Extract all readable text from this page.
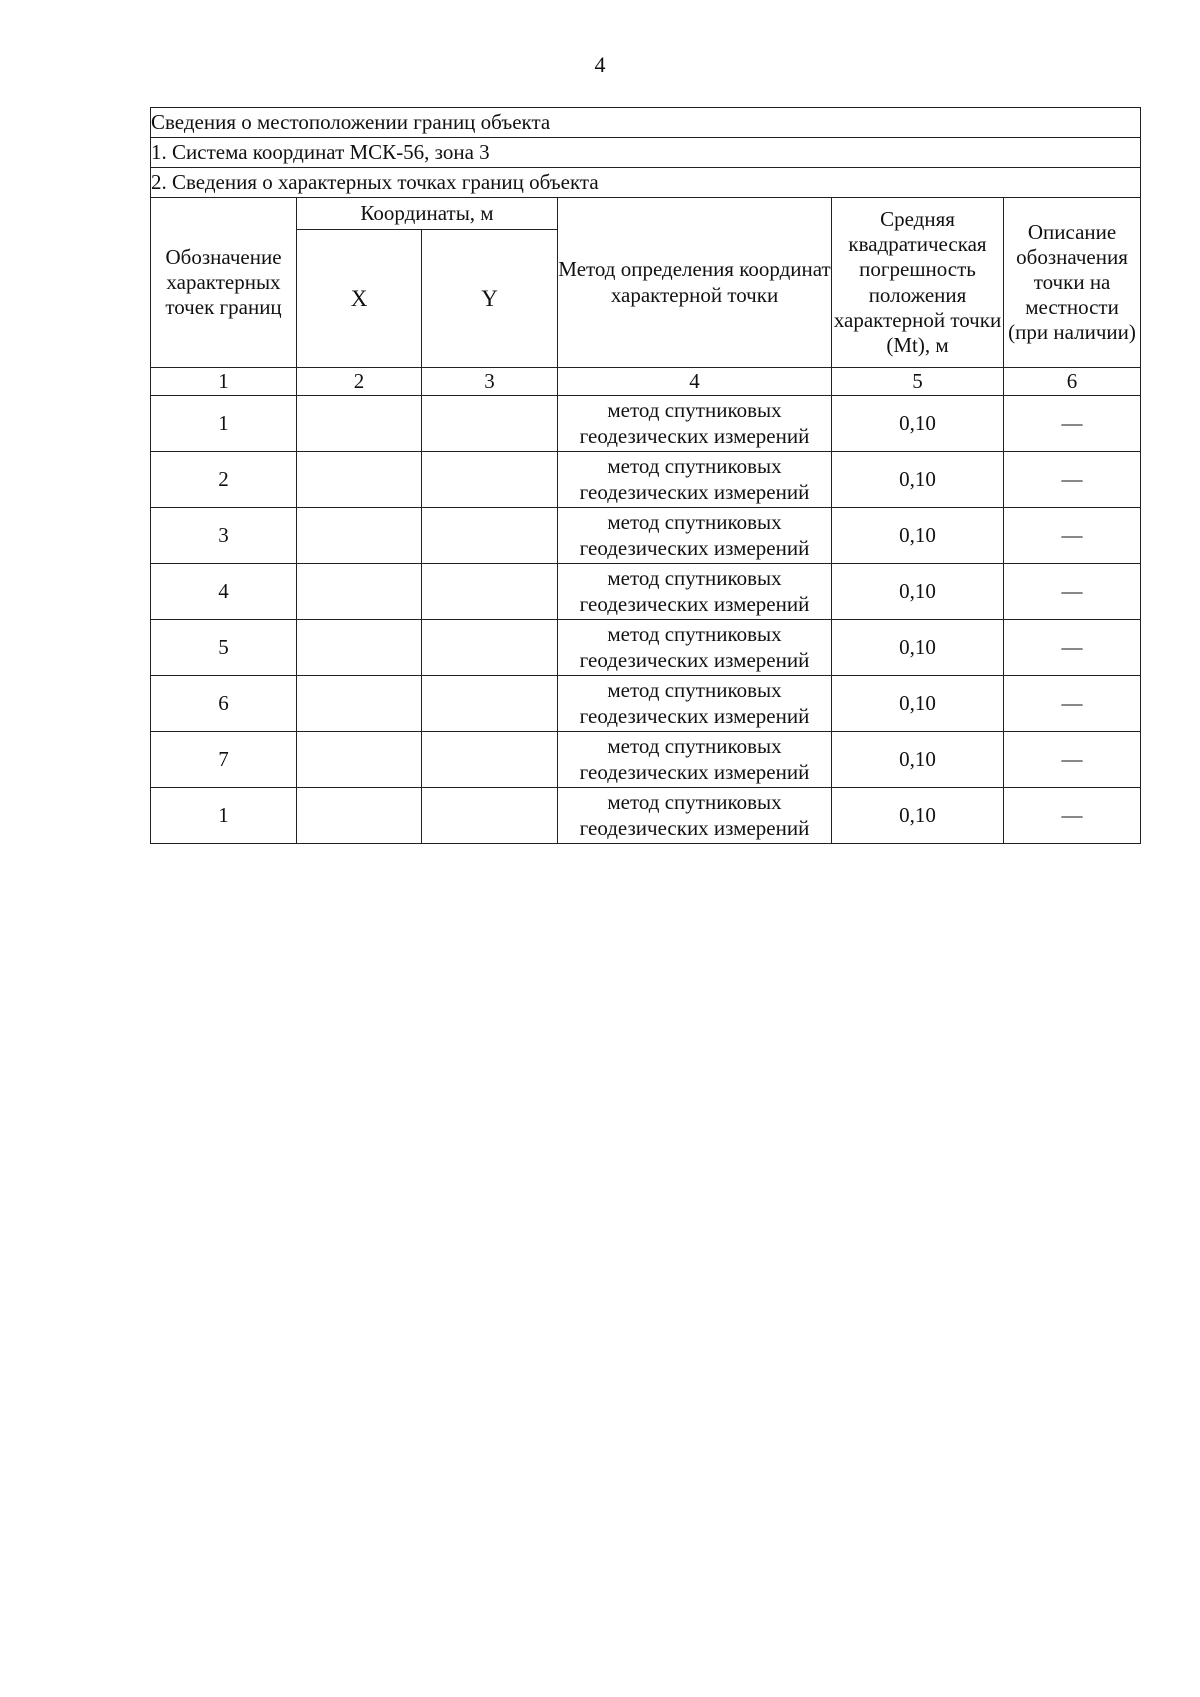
4
Сведения о местоположении границ объекта					
1. Система координат МСК-56, зона 3					
2. Сведения о характерных точках границ объекта					
Обозначение характерных точек границ	Координаты, м		Метод определения координат характерной точки	Средняя квадратическая погрешность положения характерной точки (Mt), м	Описание обозначения точки на местности (при наличии)
	X	Y			
1	2	3	4	5	6
1			метод спутниковых геодезических измерений	0,10	—
2			метод спутниковых геодезических измерений	0,10	—
3			метод спутниковых геодезических измерений	0,10	—
4			метод спутниковых геодезических измерений	0,10	—
5			метод спутниковых геодезических измерений	0,10	—
6			метод спутниковых геодезических измерений	0,10	—
7			метод спутниковых геодезических измерений	0,10	—
1			метод спутниковых геодезических измерений	0,10	—
